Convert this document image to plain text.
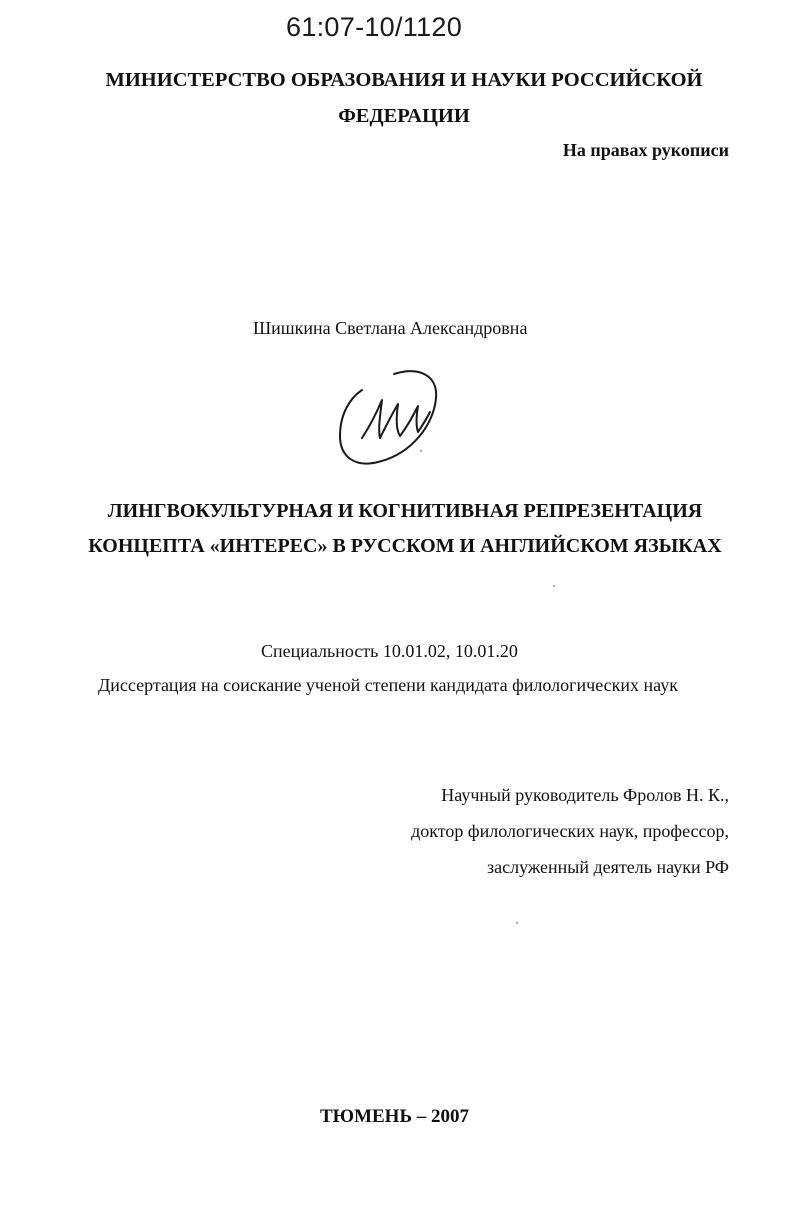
61:07-10/1120
МИНИСТЕРСТВО ОБРАЗОВАНИЯ И НАУКИ РОССИЙСКОЙ
ФЕДЕРАЦИИ
На правах рукописи
Шишкина Светлана Александровна
ЛИНГВОКУЛЬТУРНАЯ И КОГНИТИВНАЯ РЕПРЕЗЕНТАЦИЯ
КОНЦЕПТА «ИНТЕРЕС» В РУССКОМ И АНГЛИЙСКОМ ЯЗЫКАХ
Специальность 10.01.02, 10.01.20
Диссертация на соискание ученой степени кандидата филологических наук
Научный руководитель Фролов Н. К.,
доктор филологических наук, профессор,
заслуженный деятель науки РФ
ТЮМЕНЬ – 2007
